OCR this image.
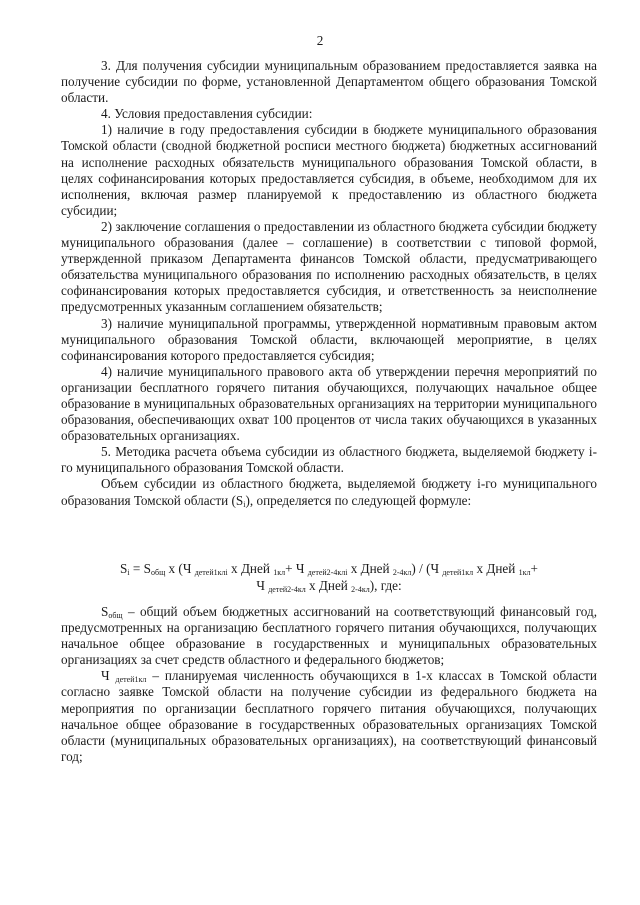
2

3. Для получения субсидии муниципальным образованием предоставляется заявка на получение субсидии по форме, установленной Департаментом общего образования Томской области.

4. Условия предоставления субсидии:

1) наличие в году предоставления субсидии в бюджете муниципального образования Томской области (сводной бюджетной росписи местного бюджета) бюджетных ассигнований на исполнение расходных обязательств муниципального образования Томской области, в целях софинансирования которых предоставляется субсидия, в объеме, необходимом для их исполнения, включая размер планируемой к предоставлению из областного бюджета субсидии;

2) заключение соглашения о предоставлении из областного бюджета субсидии бюджету муниципального образования (далее – соглашение) в соответствии с типовой формой, утвержденной приказом Департамента финансов Томской области, предусматривающего обязательства муниципального образования по исполнению расходных обязательств, в целях софинансирования которых предоставляется субсидия, и ответственность за неисполнение предусмотренных указанным соглашением обязательств;

3) наличие муниципальной программы, утвержденной нормативным правовым актом муниципального образования Томской области, включающей мероприятие, в целях софинансирования которого предоставляется субсидия;

4) наличие муниципального правового акта об утверждении перечня мероприятий по организации бесплатного горячего питания обучающихся, получающих начальное общее образование в муниципальных образовательных организациях на территории муниципального образования, обеспечивающих охват 100 процентов от числа таких обучающихся в указанных образовательных организациях.

5. Методика расчета объема субсидии из областного бюджета, выделяемой бюджету i-го муниципального образования Томской области.

Объем субсидии из областного бюджета, выделяемой бюджету i-го муниципального образования Томской области $(S_i)$, определяется по следующей формуле:

$S_i = S_{общ}$ x (Ч $_{детей1клi}$ x Дней $_{1кл}$+ Ч $_{детей2-4клi}$ x Дней $_{2-4кл}$) / (Ч $_{детей1кл}$ x Дней $_{1кл}$+
Ч $_{детей2-4кл}$ x Дней $_{2-4кл}$), где:

$S_{общ}$ – общий объем бюджетных ассигнований на соответствующий финансовый год, предусмотренных на организацию бесплатного горячего питания обучающихся, получающих начальное общее образование в государственных и муниципальных образовательных организациях за счет средств областного и федерального бюджетов;

Ч $_{детей1кл}$ – планируемая численность обучающихся в 1-х классах в Томской области согласно заявке Томской области на получение субсидии из федерального бюджета на мероприятия по организации бесплатного горячего питания обучающихся, получающих начальное общее образование в государственных образовательных организациях Томской области (муниципальных образовательных организациях), на соответствующий финансовый год;
